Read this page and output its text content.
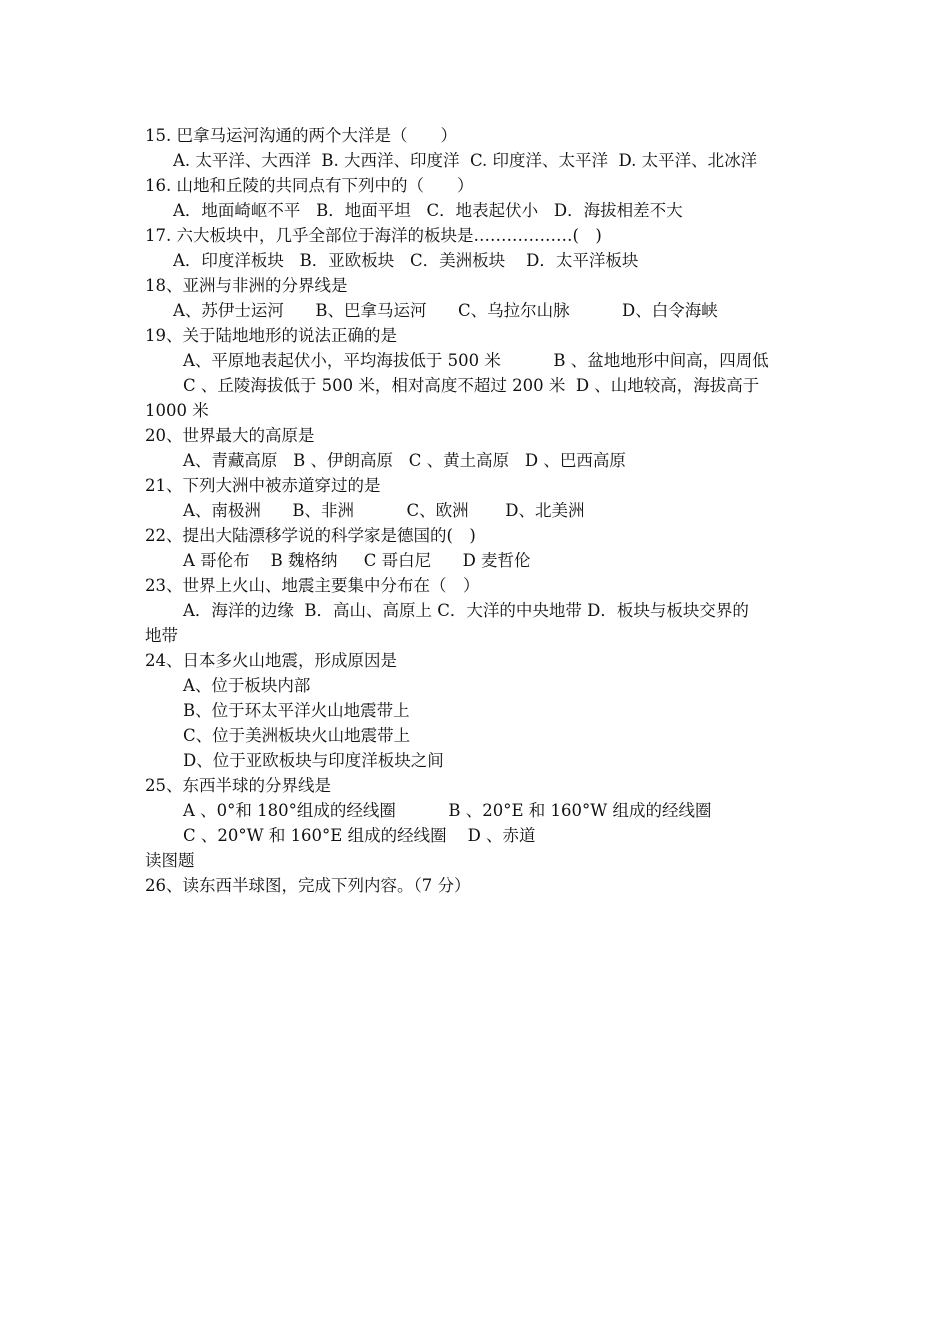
15. 巴拿马运河沟通的两个大洋是（　　）
A. 太平洋、大西洋  B. 大西洋、印度洋  C. 印度洋、太平洋  D. 太平洋、北冰洋
16. 山地和丘陵的共同点有下列中的（　　）
A．地面崎岖不平   B．地面平坦   C．地表起伏小   D．海拔相差不大
17. 六大板块中，几乎全部位于海洋的板块是………………(　)
A．印度洋板块   B．亚欧板块   C．美洲板块    D．太平洋板块
18、亚洲与非洲的分界线是
A、苏伊士运河      B、巴拿马运河      C、乌拉尔山脉          D、白令海峡
19、关于陆地地形的说法正确的是
A、平原地表起伏小，平均海拔低于 500 米          B 、盆地地形中间高，四周低
C 、丘陵海拔低于 500 米，相对高度不超过 200 米  D 、山地较高，海拔高于
1000 米
20、世界最大的高原是
A、青藏高原   B 、伊朗高原   C 、黄土高原   D 、巴西高原
21、下列大洲中被赤道穿过的是
A、南极洲      B、非洲          C、欧洲       D、北美洲
22、提出大陆漂移学说的科学家是德国的(　)
A 哥伦布    B 魏格纳     C 哥白尼      D 麦哲伦
23、世界上火山、地震主要集中分布在（　）
A．海洋的边缘  B．高山、高原上 C．大洋的中央地带 D．板块与板块交界的
地带
24、日本多火山地震，形成原因是
A、位于板块内部
B、位于环太平洋火山地震带上
C、位于美洲板块火山地震带上
D、位于亚欧板块与印度洋板块之间
25、东西半球的分界线是
A 、0°和 180°组成的经线圈          B 、20°E 和 160°W 组成的经线圈
C 、20°W 和 160°E 组成的经线圈    D 、赤道
读图题
26、读东西半球图，完成下列内容。（7 分）
